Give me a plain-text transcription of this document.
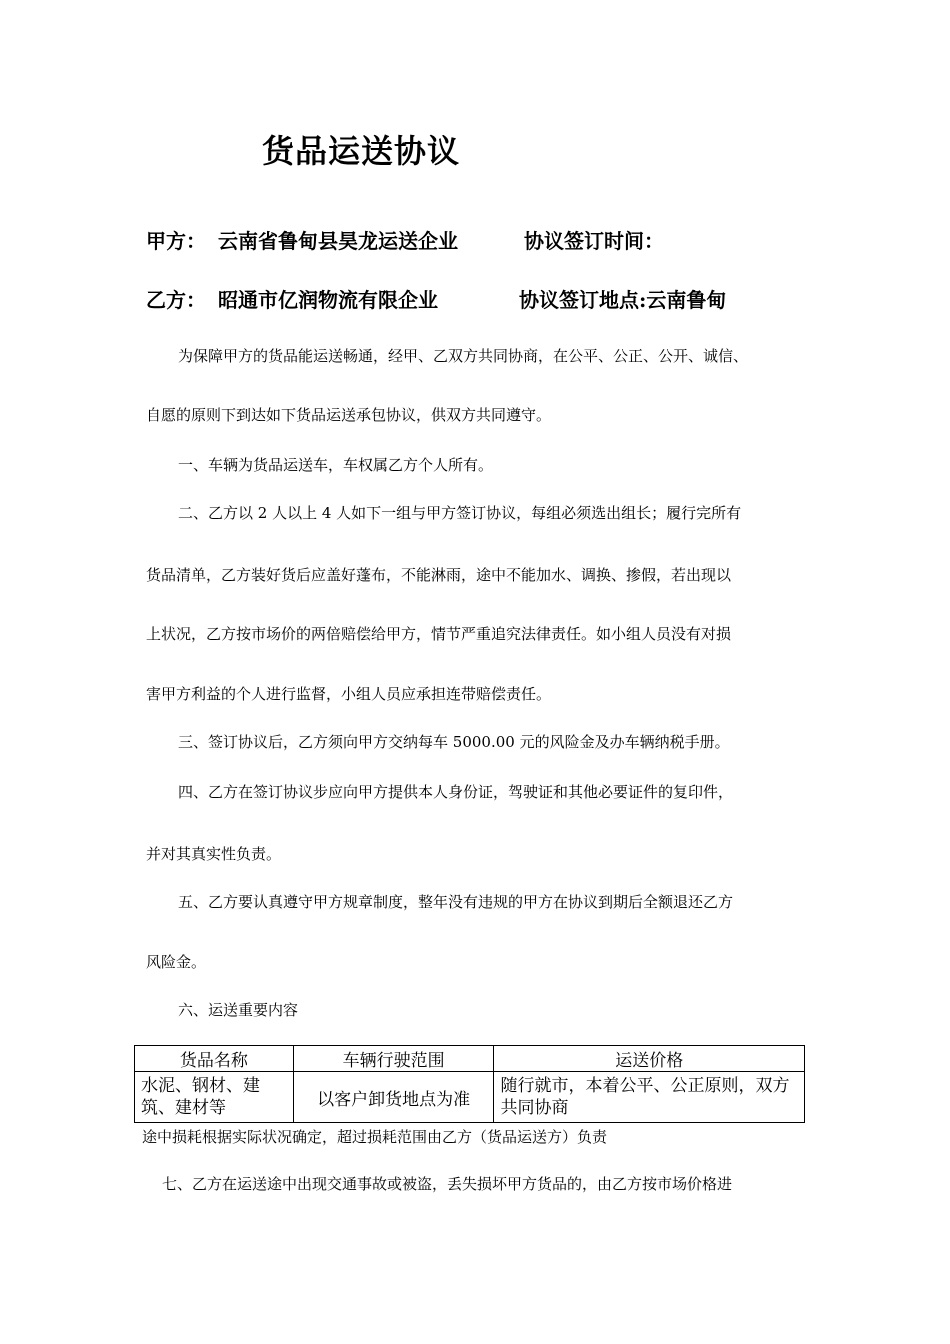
货品运送协议
甲方： 云南省鲁甸县昊龙运送企业	协议签订时间：
乙方： 昭通市亿润物流有限企业	协议签订地点:云南鲁甸
为保障甲方的货品能运送畅通，经甲、乙双方共同协商，在公平、公正、公开、诚信、
自愿的原则下到达如下货品运送承包协议，供双方共同遵守。
一、车辆为货品运送车，车权属乙方个人所有。
二、乙方以 2 人以上 4 人如下一组与甲方签订协议，每组必须选出组长；履行完所有
货品清单，乙方装好货后应盖好蓬布，不能淋雨，途中不能加水、调换、掺假，若出现以
上状况，乙方按市场价的两倍赔偿给甲方，情节严重追究法律责任。如小组人员没有对损
害甲方利益的个人进行监督，小组人员应承担连带赔偿责任。
三、签订协议后，乙方须向甲方交纳每车 5000.00 元的风险金及办车辆纳税手册。
四、乙方在签订协议步应向甲方提供本人身份证，驾驶证和其他必要证件的复印件，
并对其真实性负责。
五、乙方要认真遵守甲方规章制度，整年没有违规的甲方在协议到期后全额退还乙方
风险金。
六、运送重要内容
货品名称	车辆行驶范围	运送价格
水泥、钢材、建筑、建材等	以客户卸货地点为准	随行就市，本着公平、公正原则，双方共同协商
途中损耗根据实际状况确定，超过损耗范围由乙方（货品运送方）负责
七、乙方在运送途中出现交通事故或被盗，丢失损坏甲方货品的，由乙方按市场价格进
